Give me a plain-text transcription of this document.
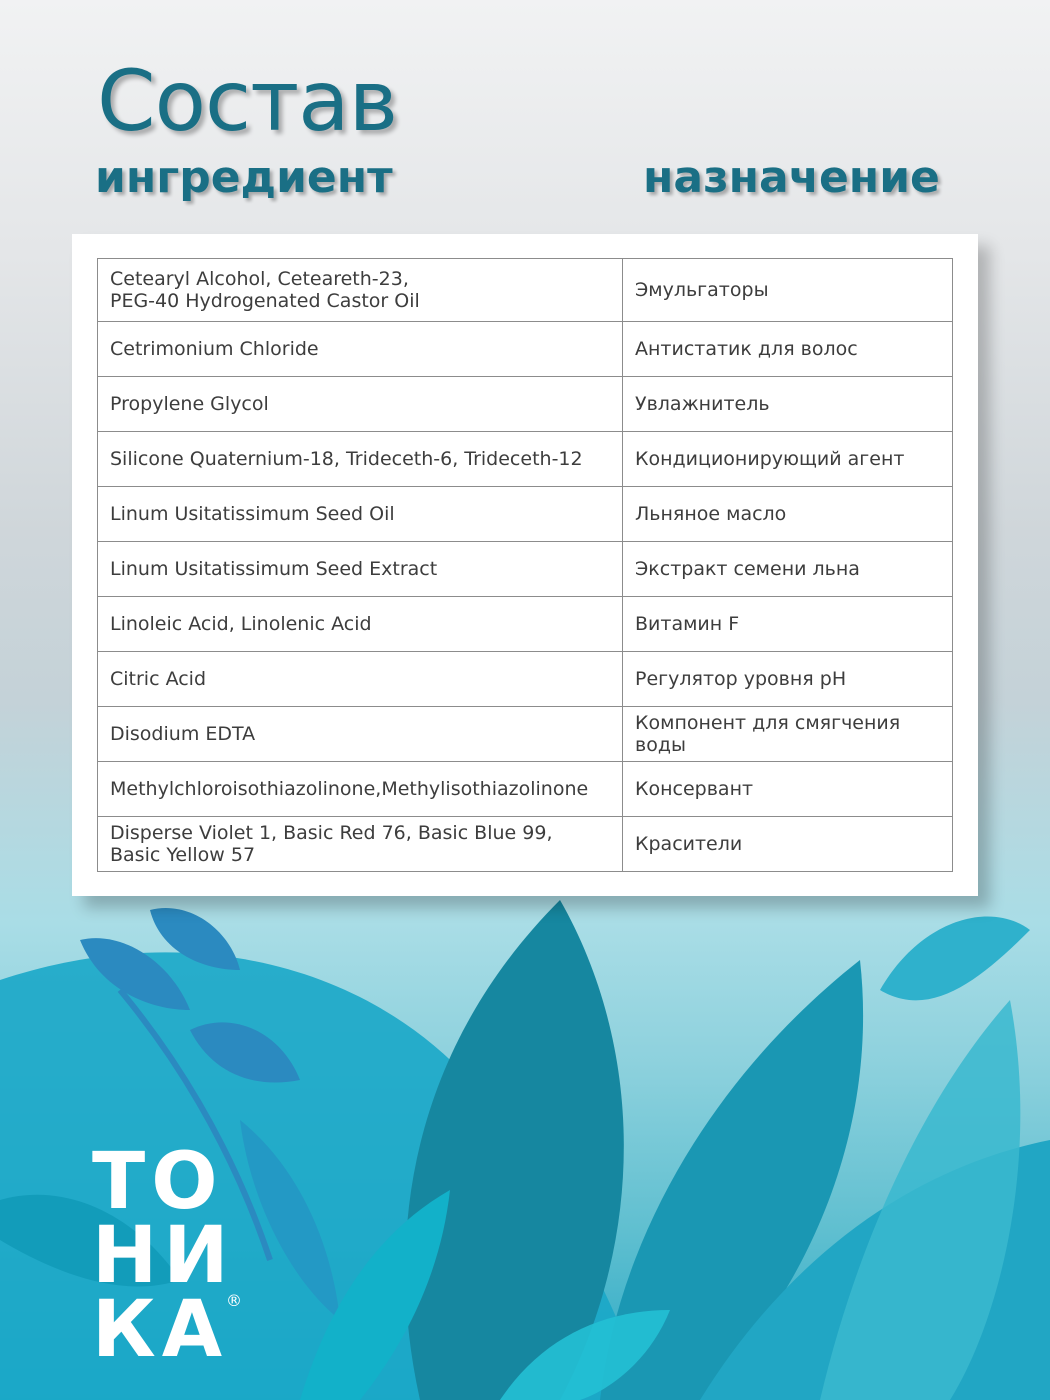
Состав
ингредиент	назначение
Cetearyl Alcohol, Ceteareth-23,
PEG-40 Hydrogenated Castor Oil	Эмульгаторы
Cetrimonium Chloride	Антистатик для волос
Propylene Glycol	Увлажнитель
Silicone Quaternium-18, Trideceth-6, Trideceth-12	Кондиционирующий агент
Linum Usitatissimum Seed Oil	Льняное масло
Linum Usitatissimum Seed Extract	Экстракт семени льна
Linoleic Acid, Linolenic Acid	Витамин F
Citric Acid	Регулятор уровня pH
Disodium EDTA	Компонент для смягчения воды
Methylchloroisothiazolinone,Methylisothiazolinone	Консервант
Disperse Violet 1, Basic Red 76, Basic Blue 99,
Basic Yellow 57	Красители
ТО
НИ
КА
®
